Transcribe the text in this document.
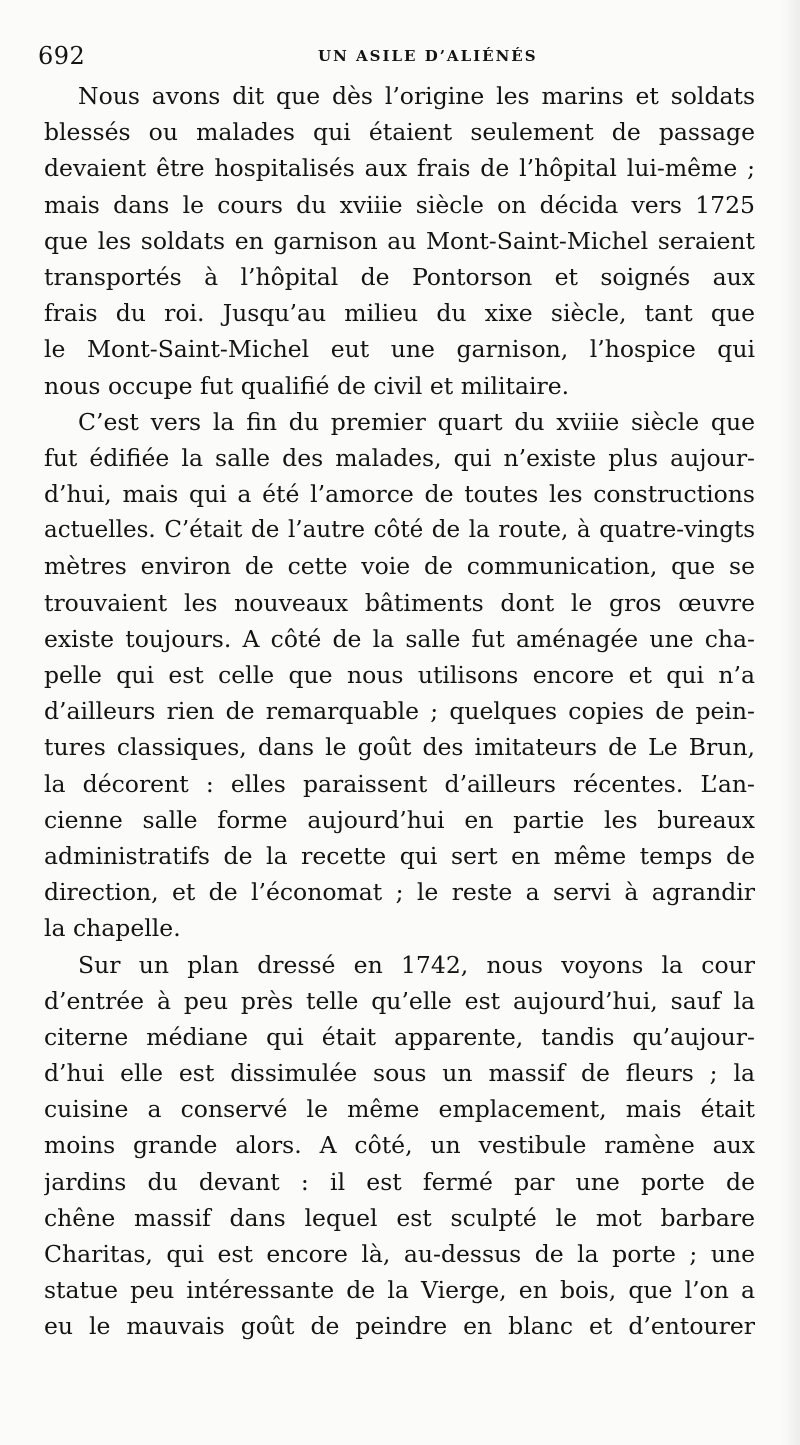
692	UN ASILE D’ALIÉNÉS
Nous avons dit que dès l’origine les marins et soldats
blessés ou malades qui étaient seulement de passage
devaient être hospitalisés aux frais de l’hôpital lui-même ;
mais dans le cours du xviiie siècle on décida vers 1725
que les soldats en garnison au Mont-Saint-Michel seraient
transportés à l’hôpital de Pontorson et soignés aux
frais du roi. Jusqu’au milieu du xixe siècle, tant que
le Mont-Saint-Michel eut une garnison, l’hospice qui
nous occupe fut qualifié de civil et militaire.
C’est vers la fin du premier quart du xviiie siècle que
fut édifiée la salle des malades, qui n’existe plus aujour-
d’hui, mais qui a été l’amorce de toutes les constructions
actuelles. C’était de l’autre côté de la route, à quatre-vingts
mètres environ de cette voie de communication, que se
trouvaient les nouveaux bâtiments dont le gros œuvre
existe toujours. A côté de la salle fut aménagée une cha-
pelle qui est celle que nous utilisons encore et qui n’a
d’ailleurs rien de remarquable ; quelques copies de pein-
tures classiques, dans le goût des imitateurs de Le Brun,
la décorent : elles paraissent d’ailleurs récentes. L’an-
cienne salle forme aujourd’hui en partie les bureaux
administratifs de la recette qui sert en même temps de
direction, et de l’économat ; le reste a servi à agrandir
la chapelle.
Sur un plan dressé en 1742, nous voyons la cour
d’entrée à peu près telle qu’elle est aujourd’hui, sauf la
citerne médiane qui était apparente, tandis qu’aujour-
d’hui elle est dissimulée sous un massif de fleurs ; la
cuisine a conservé le même emplacement, mais était
moins grande alors. A côté, un vestibule ramène aux
jardins du devant : il est fermé par une porte de
chêne massif dans lequel est sculpté le mot barbare
Charitas, qui est encore là, au-dessus de la porte ; une
statue peu intéressante de la Vierge, en bois, que l’on a
eu le mauvais goût de peindre en blanc et d’entourer
